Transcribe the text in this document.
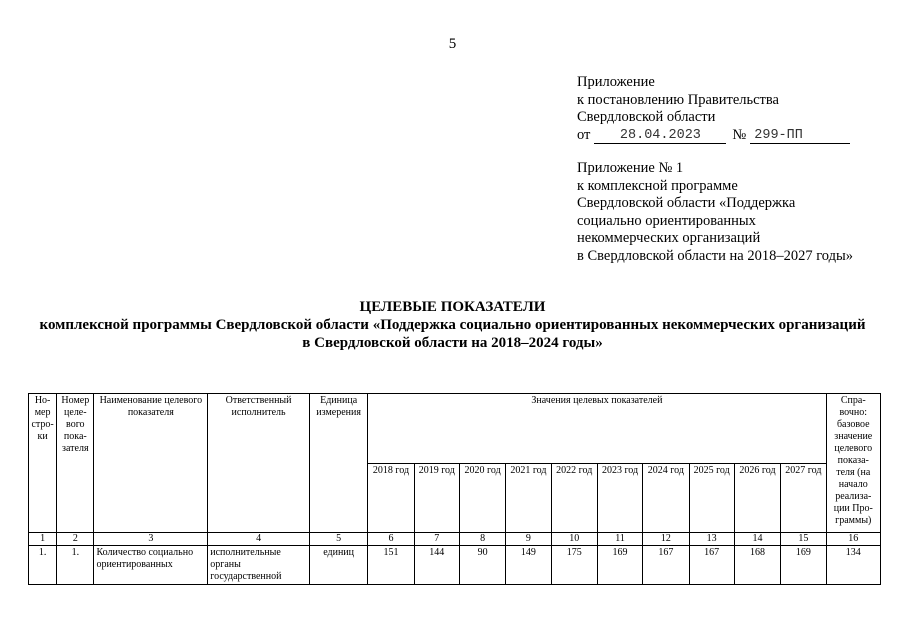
5
Приложение
к постановлению Правительства
Свердловской области
от	28.04.2023	№ 299-ПП
Приложение № 1
к комплексной программе
Свердловской области «Поддержка
социально ориентированных
некоммерческих организаций
в Свердловской области на 2018–2027 годы»
ЦЕЛЕВЫЕ ПОКАЗАТЕЛИ
комплексной программы Свердловской области «Поддержка социально ориентированных некоммерческих организаций
в Свердловской области на 2018–2024 годы»
Но-мер стро-ки	Номер целе-вого пока-зателя	Наименование целевого показателя	Ответственный исполнитель	Единица измерения	Значения целевых показателей										Спра-вочно: базовое значение целевого показа-теля (на начало реализа-ции Про-граммы)
					2018 год	2019 год	2020 год	2021 год	2022 год	2023 год	2024 год	2025 год	2026 год	2027 год	
1	2	3	4	5	6	7	8	9	10	11	12	13	14	15	16
1.	1.	Количество социально ориентированных	исполнительные органы государственной	единиц	151	144	90	149	175	169	167	167	168	169	134
